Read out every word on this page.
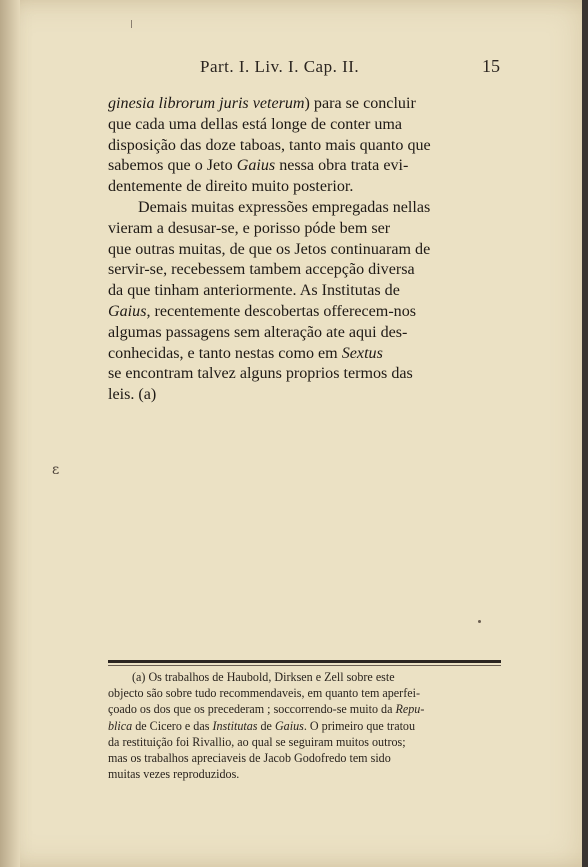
Part. I. Liv. I. Cap. II.	15
ginesia librorum juris veterum) para se concluir
que cada uma dellas está longe de conter uma
disposição das doze taboas, tanto mais quanto que
sabemos que o Jeto Gaius nessa obra trata evi-
dentemente de direito muito posterior.
Demais muitas expressões empregadas nellas
vieram a desusar-se, e porisso póde bem ser
que outras muitas, de que os Jetos continuaram de
servir-se, recebessem tambem accepção diversa
da que tinham anteriormente. As Institutas de
Gaius, recentemente descobertas offerecem-nos
algumas passagens sem alteração ate aqui des-
conhecidas, e tanto nestas como em Sextus
se encontram talvez alguns proprios termos das
leis. (a)
ɛ
(a) Os trabalhos de Haubold, Dirksen e Zell sobre este
objecto são sobre tudo recommendaveis, em quanto tem aperfei-
çoado os dos que os precederam ; soccorrendo-se muito da Repu-
blica de Cicero e das Institutas de Gaius. O primeiro que tratou
da restituição foi Rivallio, ao qual se seguiram muitos outros;
mas os trabalhos apreciaveis de Jacob Godofredo tem sido
muitas vezes reproduzidos.
